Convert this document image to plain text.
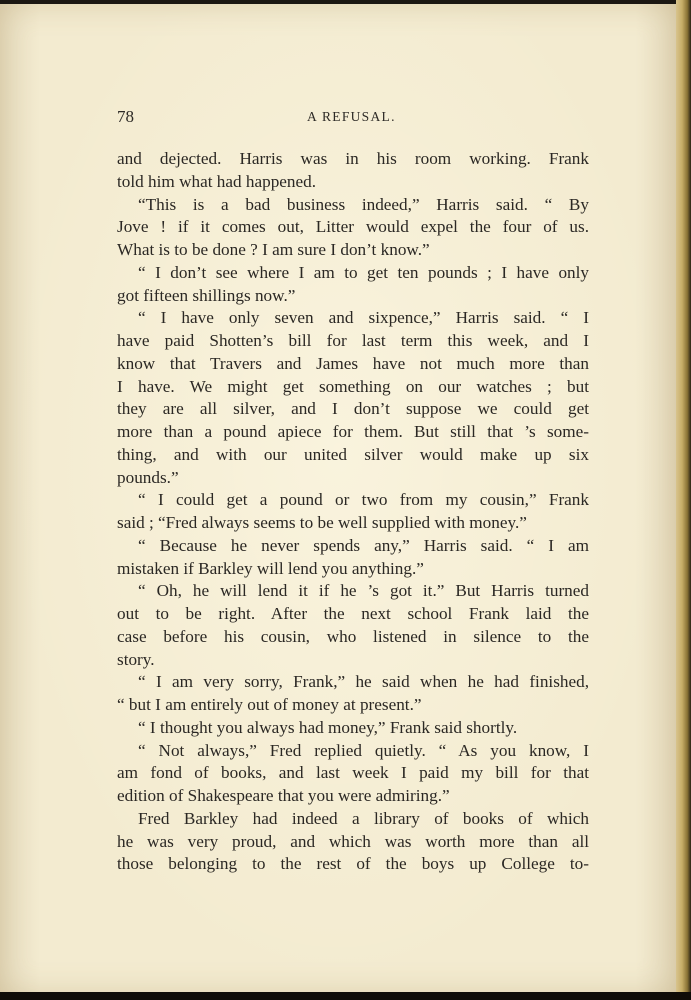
78	A REFUSAL.
and dejected. Harris was in his room working. Frank
told him what had happened.
“This is a bad business indeed,” Harris said. “ By
Jove ! if it comes out, Litter would expel the four of us.
What is to be done ? I am sure I don’t know.”
“ I don’t see where I am to get ten pounds ; I have only
got fifteen shillings now.”
“ I have only seven and sixpence,” Harris said. “ I
have paid Shotten’s bill for last term this week, and I
know that Travers and James have not much more than
I have. We might get something on our watches ; but
they are all silver, and I don’t suppose we could get
more than a pound apiece for them. But still that ’s some-
thing, and with our united silver would make up six
pounds.”
“ I could get a pound or two from my cousin,” Frank
said ; “Fred always seems to be well supplied with money.”
“ Because he never spends any,” Harris said. “ I am
mistaken if Barkley will lend you anything.”
“ Oh, he will lend it if he ’s got it.” But Harris turned
out to be right. After the next school Frank laid the
case before his cousin, who listened in silence to the
story.
“ I am very sorry, Frank,” he said when he had finished,
“ but I am entirely out of money at present.”
“ I thought you always had money,” Frank said shortly.
“ Not always,” Fred replied quietly. “ As you know, I
am fond of books, and last week I paid my bill for that
edition of Shakespeare that you were admiring.”
Fred Barkley had indeed a library of books of which
he was very proud, and which was worth more than all
those belonging to the rest of the boys up College to-
